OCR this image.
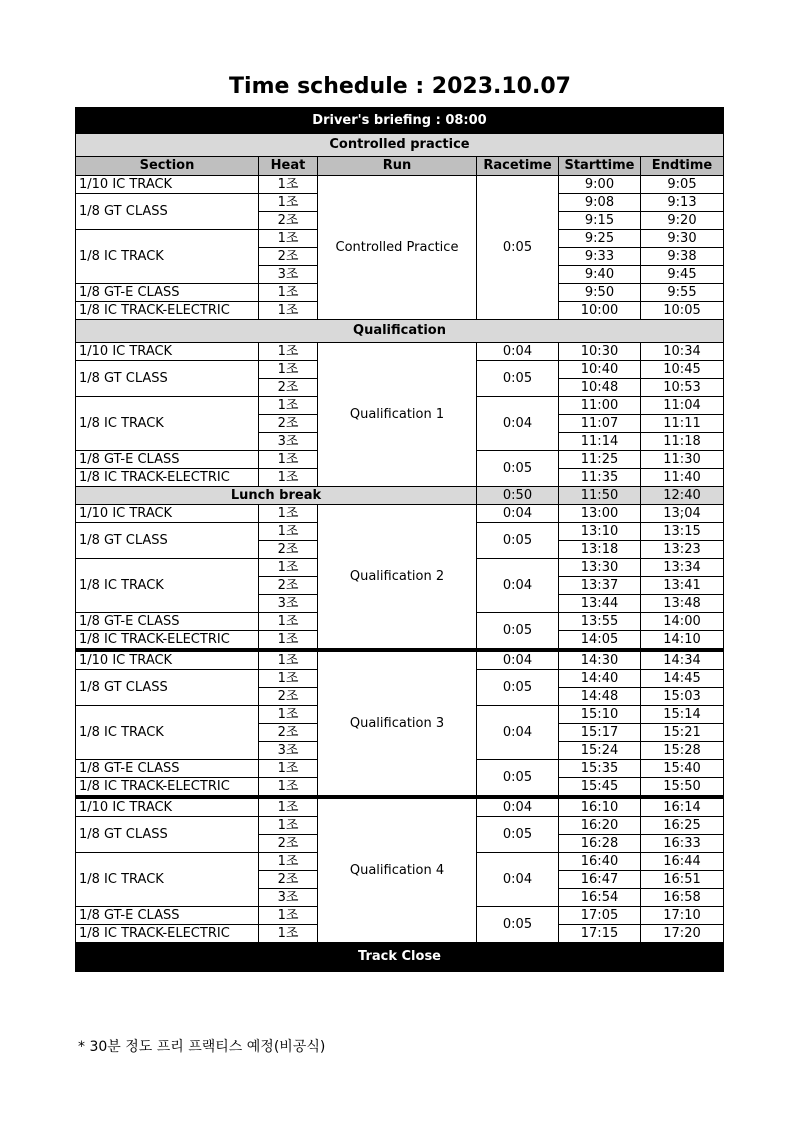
Time schedule : 2023.10.07
Driver's briefing : 08:00					
Controlled practice					
Section	Heat	Run	Racetime	Starttime	Endtime
1/10 IC TRACK	1조	Controlled Practice	0:05	9:00	9:05
1/8 GT CLASS	1조			9:08	9:13
	2조			9:15	9:20
1/8 IC TRACK	1조			9:25	9:30
	2조			9:33	9:38
	3조			9:40	9:45
1/8 GT-E CLASS	1조			9:50	9:55
1/8 IC TRACK-ELECTRIC	1조			10:00	10:05
Qualification					
1/10 IC TRACK	1조	Qualification 1	0:04	10:30	10:34
1/8 GT CLASS	1조		0:05	10:40	10:45
	2조			10:48	10:53
1/8 IC TRACK	1조		0:04	11:00	11:04
	2조			11:07	11:11
	3조			11:14	11:18
1/8 GT-E CLASS	1조		0:05	11:25	11:30
1/8 IC TRACK-ELECTRIC	1조			11:35	11:40
Lunch break			0:50	11:50	12:40
1/10 IC TRACK	1조	Qualification 2	0:04	13:00	13;04
1/8 GT CLASS	1조		0:05	13:10	13:15
	2조			13:18	13:23
1/8 IC TRACK	1조		0:04	13:30	13:34
	2조			13:37	13:41
	3조			13:44	13:48
1/8 GT-E CLASS	1조		0:05	13:55	14:00
1/8 IC TRACK-ELECTRIC	1조			14:05	14:10
1/10 IC TRACK	1조	Qualification 3	0:04	14:30	14:34
1/8 GT CLASS	1조		0:05	14:40	14:45
	2조			14:48	15:03
1/8 IC TRACK	1조		0:04	15:10	15:14
	2조			15:17	15:21
	3조			15:24	15:28
1/8 GT-E CLASS	1조		0:05	15:35	15:40
1/8 IC TRACK-ELECTRIC	1조			15:45	15:50
1/10 IC TRACK	1조	Qualification 4	0:04	16:10	16:14
1/8 GT CLASS	1조		0:05	16:20	16:25
	2조			16:28	16:33
1/8 IC TRACK	1조		0:04	16:40	16:44
	2조			16:47	16:51
	3조			16:54	16:58
1/8 GT-E CLASS	1조		0:05	17:05	17:10
1/8 IC TRACK-ELECTRIC	1조			17:15	17:20
Track Close					
* 30분 정도 프리 프랙티스 예정(비공식)
